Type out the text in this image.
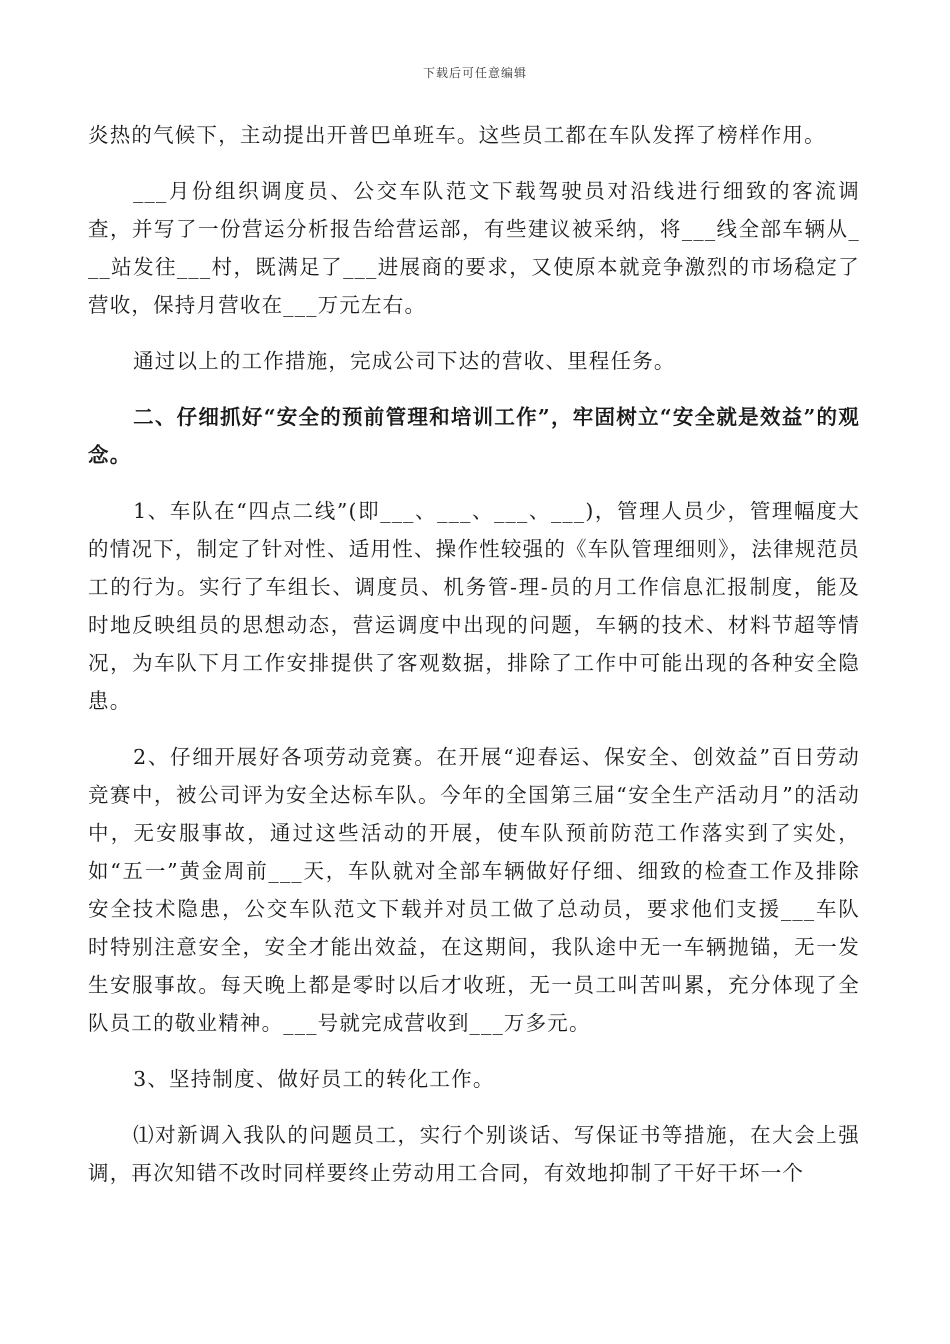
下载后可任意编辑

炎热的气候下，主动提出开普巴单班车。这些员工都在车队发挥了榜样作用。

___月份组织调度员、公交车队范文下载驾驶员对沿线进行细致的客流调查，并写了一份营运分析报告给营运部，有些建议被采纳，将___线全部车辆从___站发往___村，既满足了___进展商的要求，又使原本就竞争激烈的市场稳定了营收，保持月营收在___万元左右。

通过以上的工作措施，完成公司下达的营收、里程任务。

二、仔细抓好“安全的预前管理和培训工作”，牢固树立“安全就是效益”的观念。

1、车队在“四点二线”(即___、___、___、___)，管理人员少，管理幅度大的情况下，制定了针对性、适用性、操作性较强的《车队管理细则》，法律规范员工的行为。实行了车组长、调度员、机务管-理-员的月工作信息汇报制度，能及时地反映组员的思想动态，营运调度中出现的问题，车辆的技术、材料节超等情况，为车队下月工作安排提供了客观数据，排除了工作中可能出现的各种安全隐患。

2、仔细开展好各项劳动竞赛。在开展“迎春运、保安全、创效益”百日劳动竞赛中，被公司评为安全达标车队。今年的全国第三届“安全生产活动月”的活动中，无安服事故，通过这些活动的开展，使车队预前防范工作落实到了实处，如“五一”黄金周前___天，车队就对全部车辆做好仔细、细致的检查工作及排除安全技术隐患，公交车队范文下载并对员工做了总动员，要求他们支援___车队时特别注意安全，安全才能出效益，在这期间，我队途中无一车辆抛锚，无一发生安服事故。每天晚上都是零时以后才收班，无一员工叫苦叫累，充分体现了全队员工的敬业精神。___号就完成营收到___万多元。

3、坚持制度、做好员工的转化工作。

⑴对新调入我队的问题员工，实行个别谈话、写保证书等措施，在大会上强调，再次知错不改时同样要终止劳动用工合同，有效地抑制了干好干坏一个
